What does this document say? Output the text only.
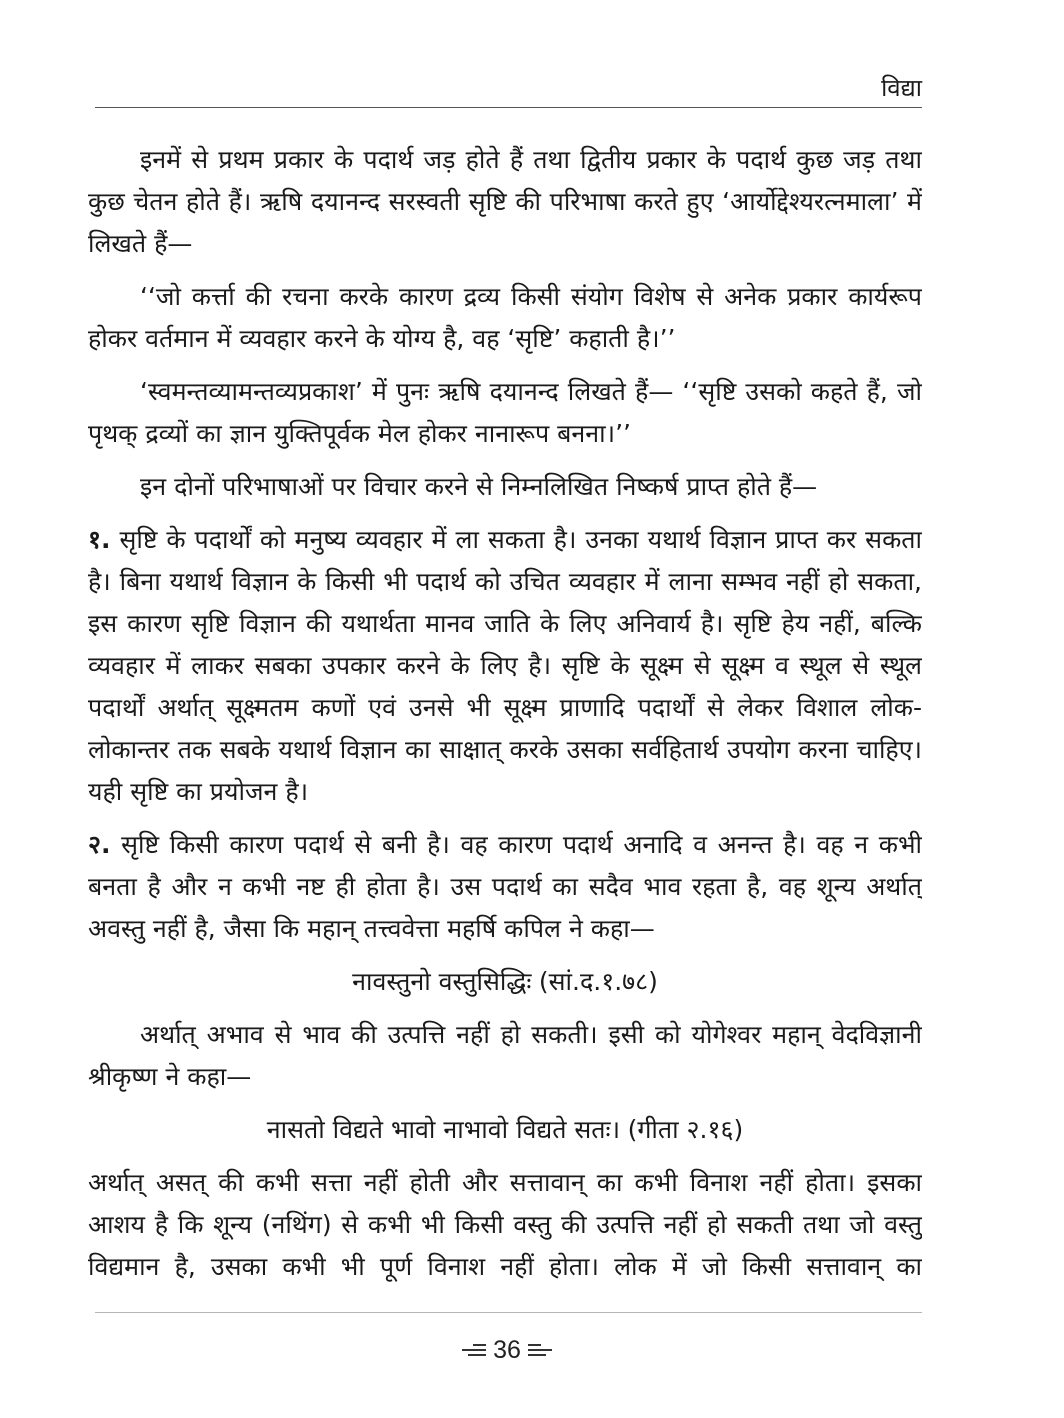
विद्या

इनमें से प्रथम प्रकार के पदार्थ जड़ होते हैं तथा द्वितीय प्रकार के पदार्थ कुछ जड़ तथा कुछ चेतन होते हैं। ऋषि दयानन्द सरस्वती सृष्टि की परिभाषा करते हुए ‘आर्योद्देश्यरत्नमाला’ में लिखते हैं—

‘‘जो कर्त्ता की रचना करके कारण द्रव्य किसी संयोग विशेष से अनेक प्रकार कार्यरूप होकर वर्तमान में व्यवहार करने के योग्य है, वह ‘सृष्टि’ कहाती है।’’

‘स्वमन्तव्यामन्तव्यप्रकाश’ में पुनः ऋषि दयानन्द लिखते हैं— ‘‘सृष्टि उसको कहते हैं, जो पृथक् द्रव्यों का ज्ञान युक्तिपूर्वक मेल होकर नानारूप बनना।’’

इन दोनों परिभाषाओं पर विचार करने से निम्नलिखित निष्कर्ष प्राप्त होते हैं—

१. सृष्टि के पदार्थों को मनुष्य व्यवहार में ला सकता है। उनका यथार्थ विज्ञान प्राप्त कर सकता है। बिना यथार्थ विज्ञान के किसी भी पदार्थ को उचित व्यवहार में लाना सम्भव नहीं हो सकता, इस कारण सृष्टि विज्ञान की यथार्थता मानव जाति के लिए अनिवार्य है। सृष्टि हेय नहीं, बल्कि व्यवहार में लाकर सबका उपकार करने के लिए है। सृष्टि के सूक्ष्म से सूक्ष्म व स्थूल से स्थूल पदार्थों अर्थात् सूक्ष्मतम कणों एवं उनसे भी सूक्ष्म प्राणादि पदार्थों से लेकर विशाल लोक-लोकान्तर तक सबके यथार्थ विज्ञान का साक्षात् करके उसका सर्वहितार्थ उपयोग करना चाहिए। यही सृष्टि का प्रयोजन है।

२. सृष्टि किसी कारण पदार्थ से बनी है। वह कारण पदार्थ अनादि व अनन्त है। वह न कभी बनता है और न कभी नष्ट ही होता है। उस पदार्थ का सदैव भाव रहता है, वह शून्य अर्थात् अवस्तु नहीं है, जैसा कि महान् तत्त्ववेत्ता महर्षि कपिल ने कहा—

नावस्तुनो वस्तुसिद्धिः (सां.द.१.७८)

अर्थात् अभाव से भाव की उत्पत्ति नहीं हो सकती। इसी को योगेश्वर महान् वेदविज्ञानी श्रीकृष्ण ने कहा—

नासतो विद्यते भावो नाभावो विद्यते सतः। (गीता २.१६)

अर्थात् असत् की कभी सत्ता नहीं होती और सत्तावान् का कभी विनाश नहीं होता। इसका आशय है कि शून्य (नथिंग) से कभी भी किसी वस्तु की उत्पत्ति नहीं हो सकती तथा जो वस्तु विद्यमान है, उसका कभी भी पूर्ण विनाश नहीं होता। लोक में जो किसी सत्तावान् का

36
